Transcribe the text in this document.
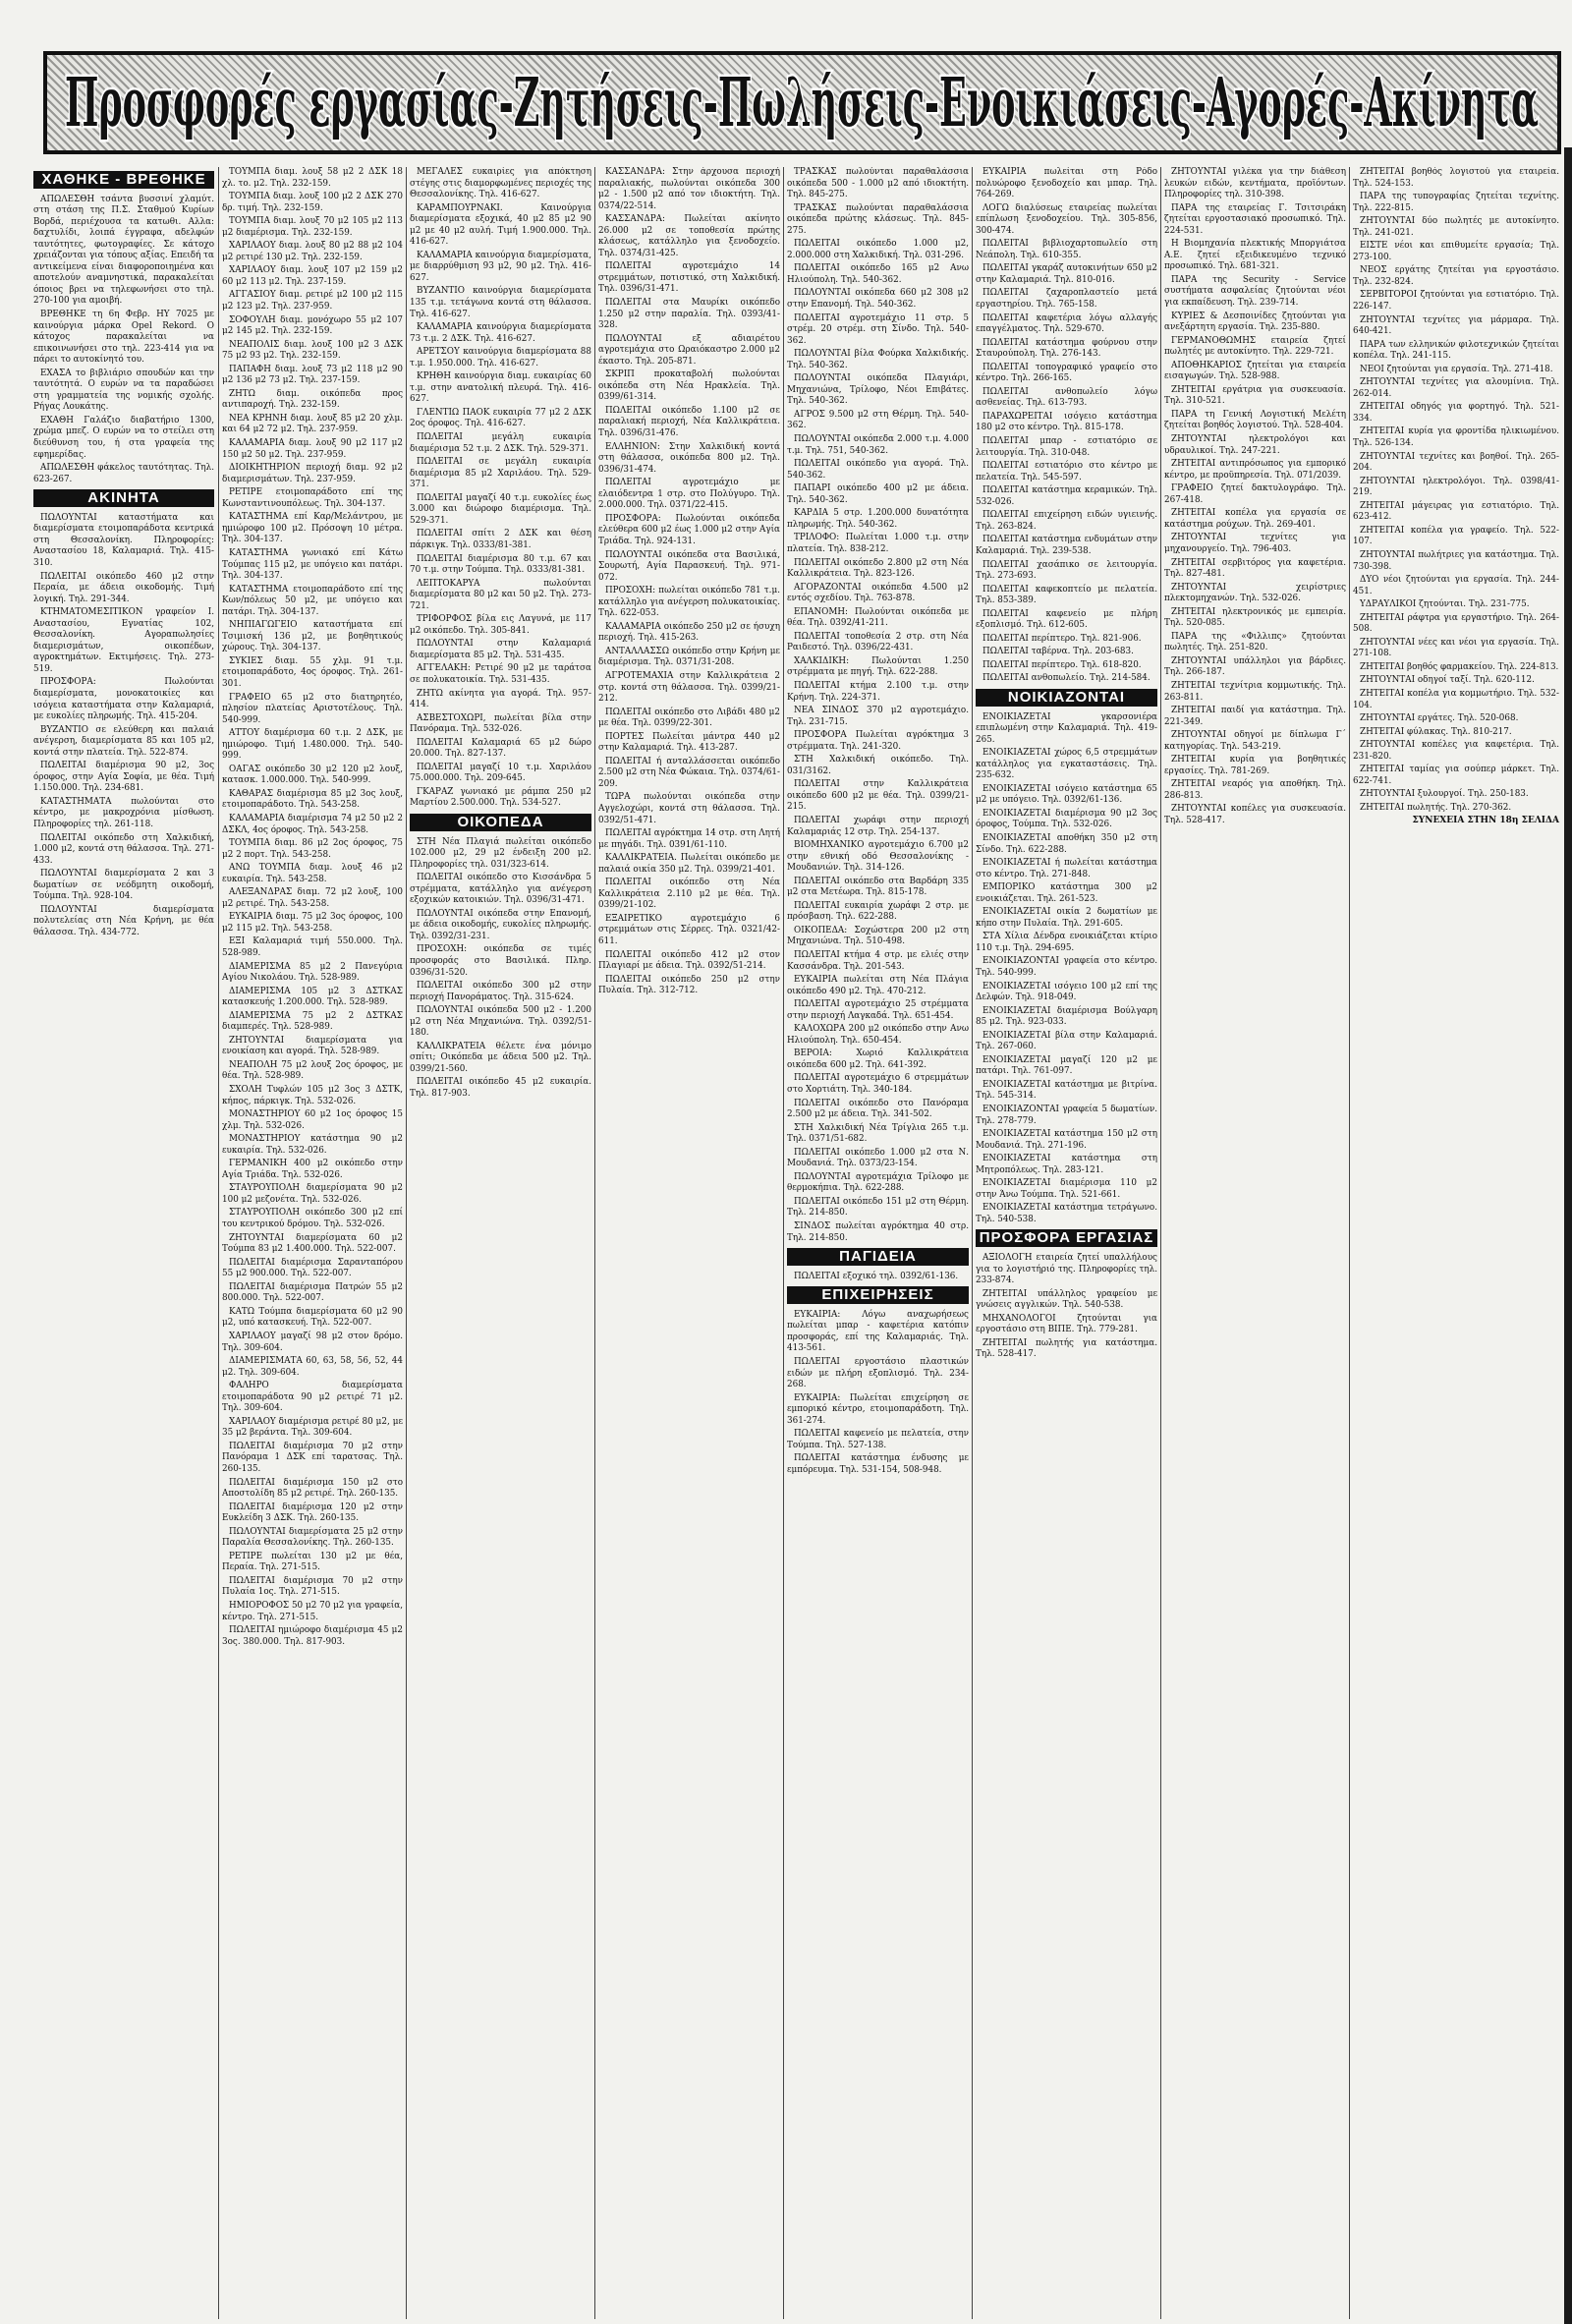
Προσφορές εργασίας-Ζητήσεις-Πωλήσεις-Ενοικιάσεις-Αγορές-Ακίνητα
ΧΑΘΗΚΕ - ΒΡΕΘΗΚΕ

ΑΠΩΛΕΣΘΗ τσάντα βυσσινί χλαμύτ. στη στάση της Π.Σ. Σταθμού Κυρίων Βορδά, περιέχουσα τα κατωθι. Αλλα: δαχτυλίδι, λοιπά έγγραφα, αδελφών ταυτότητες, φωτογραφίες. Σε κάτοχο χρειάζονται για τόπους αξίας. Επειδή τα αντικείμενα είναι διαφοροποιημένα και αποτελούν αναμνηστικά, παρακαλείται όποιος βρει να τηλεφωνήσει στο τηλ. 270-100 για αμοιβή.

ΒΡΕΘΗΚΕ τη 6η Φεβρ. ΗΥ 7025 με καινούργια μάρκα Opel Rekord. Ο κάτοχος παρακαλείται να επικοινωνήσει στο τηλ. 223-414 για να πάρει το αυτοκίνητό του.

ΕΧΑΣΑ το βιβλιάριο σπουδών και την ταυτότητά. Ο ευρών να τα παραδώσει στη γραμματεία της νομικής σχολής. Ρήγας Λουκάτης.

ΕΧΑΘΗ Γαλάζιο διαβατήριο 1300, χρώμα μπεζ. Ο ευρών να το στείλει στη διεύθυνση του, ή στα γραφεία της εφημερίδας.

ΑΠΩΛΕΣΘΗ φάκελος ταυτότητας. Τηλ. 623-267.

ΑΚΙΝΗΤΑ

ΠΩΛΟΥΝΤΑΙ καταστήματα και διαμερίσματα ετοιμοπαράδοτα κεντρικά στη Θεσσαλονίκη. Πληροφορίες: Αναστασίου 18, Καλαμαριά. Τηλ. 415-310.

ΠΩΛΕΙΤΑΙ οικόπεδο 460 μ2 στην Περαία, με άδεια οικοδομής. Τιμή λογική. Τηλ. 291-344.

ΚΤΗΜΑΤΟΜΕΣΙΤΙΚΟΝ γραφείον Ι. Αναστασίου, Εγνατίας 102, Θεσσαλονίκη. Αγοραπωλησίες διαμερισμάτων, οικοπέδων, αγροκτημάτων. Εκτιμήσεις. Τηλ. 273-519.

ΠΡΟΣΦΟΡΑ: Πωλούνται διαμερίσματα, μονοκατοικίες και ισόγεια καταστήματα στην Καλαμαριά, με ευκολίες πληρωμής. Τηλ. 415-204.

ΒΥΖΑΝΤΙΟ σε ελεύθερη και παλαιά ανέγερση, διαμερίσματα 85 και 105 μ2, κοντά στην πλατεία. Τηλ. 522-874.

ΠΩΛΕΙΤΑΙ διαμέρισμα 90 μ2, 3ος όροφος, στην Αγία Σοφία, με θέα. Τιμή 1.150.000. Τηλ. 234-681.

ΚΑΤΑΣΤΗΜΑΤΑ πωλούνται στο κέντρο, με μακροχρόνια μίσθωση. Πληροφορίες τηλ. 261-118.

ΠΩΛΕΙΤΑΙ οικόπεδο στη Χαλκιδική, 1.000 μ2, κοντά στη θάλασσα. Τηλ. 271-433.

ΠΩΛΟΥΝΤΑΙ διαμερίσματα 2 και 3 δωματίων σε νεόδμητη οικοδομή, Τούμπα. Τηλ. 928-104.

ΠΩΛΟΥΝΤΑΙ διαμερίσματα πολυτελείας στη Νέα Κρήνη, με θέα θάλασσα. Τηλ. 434-772.

ΤΟΥΜΠΑ διαμ. λουξ 58 μ2 2 ΔΣΚ 18 χλ. το. μ2. Τηλ. 232-159.

ΤΟΥΜΠΑ διαμ. λουξ 100 μ2 2 ΔΣΚ 270 δρ. τιμή. Τηλ. 232-159.

ΤΟΥΜΠΑ διαμ. λουξ 70 μ2 105 μ2 113 μ2 διαμέρισμα. Τηλ. 232-159.

ΧΑΡΙΛΑΟΥ διαμ. λουξ 80 μ2 88 μ2 104 μ2 ρετιρέ 130 μ2. Τηλ. 232-159.

ΧΑΡΙΛΑΟΥ διαμ. λουξ 107 μ2 159 μ2 60 μ2 113 μ2. Τηλ. 237-159.

ΑΓΓΑΣΙΟΥ διαμ. ρετιρέ μ2 100 μ2 115 μ2 123 μ2. Τηλ. 237-959.

ΣΟΦΟΥΛΗ διαμ. μονόχωρο 55 μ2 107 μ2 145 μ2. Τηλ. 232-159.

ΝΕΑΠΟΛΙΣ διαμ. λουξ 100 μ2 3 ΔΣΚ 75 μ2 93 μ2. Τηλ. 232-159.

ΠΑΠΑΦΗ διαμ. λουξ 73 μ2 118 μ2 90 μ2 136 μ2 73 μ2. Τηλ. 237-159.

ΖΗΤΩ διαμ. οικόπεδα προς αντιπαροχή. Τηλ. 232-159.

ΝΕΑ ΚΡΗΝΗ διαμ. λουξ 85 μ2 20 χλμ. και 64 μ2 72 μ2. Τηλ. 237-959.

ΚΑΛΑΜΑΡΙΑ διαμ. λουξ 90 μ2 117 μ2 150 μ2 50 μ2. Τηλ. 237-959.

ΔΙΟΙΚΗΤΗΡΙΟΝ περιοχή διαμ. 92 μ2 διαμερισμάτων. Τηλ. 237-959.

ΡΕΤΙΡΕ ετοιμοπαράδοτο επί της Κωνσταντινουπόλεως. Τηλ. 304-137.

ΚΑΤΑΣΤΗΜΑ επί Καρ/Μελάντρου, με ημιώροφο 100 μ2. Πρόσοψη 10 μέτρα. Τηλ. 304-137.

ΚΑΤΑΣΤΗΜΑ γωνιακό επί Κάτω Τούμπας 115 μ2, με υπόγειο και πατάρι. Τηλ. 304-137.

ΚΑΤΑΣΤΗΜΑ ετοιμοπαράδοτο επί της Κων/πόλεως 50 μ2, με υπόγειο και πατάρι. Τηλ. 304-137.

ΝΗΠΙΑΓΩΓΕΙΟ καταστήματα επί Τσιμισκή 136 μ2, με βοηθητικούς χώρους. Τηλ. 304-137.

ΣΥΚΙΕΣ διαμ. 55 χλμ. 91 τ.μ. ετοιμοπαράδοτο, 4ος όροφος. Τηλ. 261-301.

ΓΡΑΦΕΙΟ 65 μ2 στο διατηρητέο, πλησίον πλατείας Αριστοτέλους. Τηλ. 540-999.

ΑΤΤΟΥ διαμέρισμα 60 τ.μ. 2 ΔΣΚ, με ημιώροφο. Τιμή 1.480.000. Τηλ. 540-999.

ΟΑΓΑΣ οικόπεδο 30 μ2 120 μ2 λουξ, κατασκ. 1.000.000. Τηλ. 540-999.

ΚΑΘΑΡΑΣ διαμέρισμα 85 μ2 3ος λουξ, ετοιμοπαράδοτο. Τηλ. 543-258.

ΚΑΛΑΜΑΡΙΑ διαμέρισμα 74 μ2 50 μ2 2 ΔΣΚΛ, 4ος όροφος. Τηλ. 543-258.

ΤΟΥΜΠΑ διαμ. 86 μ2 2ος όροφος, 75 μ2 2 πορτ. Τηλ. 543-258.

ΑΝΩ ΤΟΥΜΠΑ διαμ. λουξ 46 μ2 ευκαιρία. Τηλ. 543-258.

ΑΛΕΞΑΝΔΡΑΣ διαμ. 72 μ2 λουξ, 100 μ2 ρετιρέ. Τηλ. 543-258.

ΕΥΚΑΙΡΙΑ διαμ. 75 μ2 3ος όροφος, 100 μ2 115 μ2. Τηλ. 543-258.

ΕΞΙ Καλαμαριά τιμή 550.000. Τηλ. 528-989.

ΔΙΑΜΕΡΙΣΜΑ 85 μ2 2 Πανεγύρια Αγίου Νικολάου. Τηλ. 528-989.

ΔΙΑΜΕΡΙΣΜΑ 105 μ2 3 ΔΣΤΚΑΣ κατασκευής 1.200.000. Τηλ. 528-989.

ΔΙΑΜΕΡΙΣΜΑ 75 μ2 2 ΔΣΤΚΑΣ διαμπερές. Τηλ. 528-989.

ΖΗΤΟΥΝΤΑΙ διαμερίσματα για ενοικίαση και αγορά. Τηλ. 528-989.

ΝΕΑΠΟΛΗ 75 μ2 λουξ 2ος όροφος, με θέα. Τηλ. 528-989.

ΣΧΟΛΗ Τυφλών 105 μ2 3ος 3 ΔΣΤΚ, κήπος, πάρκιγκ. Τηλ. 532-026.

ΜΟΝΑΣΤΗΡΙΟΥ 60 μ2 1ος όροφος 15 χλμ. Τηλ. 532-026.

ΜΟΝΑΣΤΗΡΙΟΥ κατάστημα 90 μ2 ευκαιρία. Τηλ. 532-026.

ΓΕΡΜΑΝΙΚΗ 400 μ2 οικόπεδο στην Αγία Τριάδα. Τηλ. 532-026.

ΣΤΑΥΡΟΥΠΟΛΗ διαμερίσματα 90 μ2 100 μ2 μεζονέτα. Τηλ. 532-026.

ΣΤΑΥΡΟΥΠΟΛΗ οικόπεδο 300 μ2 επί του κεντρικού δρόμου. Τηλ. 532-026.

ΖΗΤΟΥΝΤΑΙ διαμερίσματα 60 μ2 Τούμπα 83 μ2 1.400.000. Τηλ. 522-007.

ΠΩΛΕΙΤΑΙ διαμέρισμα Σαρανταπόρου 55 μ2 900.000. Τηλ. 522-007.

ΠΩΛΕΙΤΑΙ διαμέρισμα Πατρών 55 μ2 800.000. Τηλ. 522-007.

ΚΑΤΩ Τούμπα διαμερίσματα 60 μ2 90 μ2, υπό κατασκευή. Τηλ. 522-007.

ΧΑΡΙΛΑΟΥ μαγαζί 98 μ2 στον δρόμο. Τηλ. 309-604.

ΔΙΑΜΕΡΙΣΜΑΤΑ 60, 63, 58, 56, 52, 44 μ2. Τηλ. 309-604.

ΦΑΛΗΡΟ διαμερίσματα ετοιμοπαράδοτα 90 μ2 ρετιρέ 71 μ2. Τηλ. 309-604.

ΧΑΡΙΛΑΟΥ διαμέρισμα ρετιρέ 80 μ2, με 35 μ2 βεράντα. Τηλ. 309-604.

ΠΩΛΕΙΤΑΙ διαμέρισμα 70 μ2 στην Πανόραμα 1 ΔΣΚ επί ταρατσας. Τηλ. 260-135.

ΠΩΛΕΙΤΑΙ διαμέρισμα 150 μ2 στο Αποστολίδη 85 μ2 ρετιρέ. Τηλ. 260-135.

ΠΩΛΕΙΤΑΙ διαμέρισμα 120 μ2 στην Ευκλείδη 3 ΔΣΚ. Τηλ. 260-135.

ΠΩΛΟΥΝΤΑΙ διαμερίσματα 25 μ2 στην Παραλία Θεσσαλονίκης. Τηλ. 260-135.

ΡΕΤΙΡΕ πωλείται 130 μ2 με θέα, Περαία. Τηλ. 271-515.

ΠΩΛΕΙΤΑΙ διαμέρισμα 70 μ2 στην Πυλαία 1ος. Τηλ. 271-515.

ΗΜΙΟΡΟΦΟΣ 50 μ2 70 μ2 για γραφεία, κέντρο. Τηλ. 271-515.

ΠΩΛΕΙΤΑΙ ημιώροφο διαμέρισμα 45 μ2 3ος. 380.000. Τηλ. 817-903.

ΜΕΓΑΛΕΣ ευκαιρίες για απόκτηση στέγης στις διαμορφωμένες περιοχές της Θεσσαλονίκης. Τηλ. 416-627.

ΚΑΡΑΜΠΟΥΡΝΑΚΙ. Καινούργια διαμερίσματα εξοχικά, 40 μ2 85 μ2 90 μ2 με 40 μ2 αυλή. Τιμή 1.900.000. Τηλ. 416-627.

ΚΑΛΑΜΑΡΙΑ καινούργια διαμερίσματα, με διαρρύθμιση 93 μ2, 90 μ2. Τηλ. 416-627.

ΒΥΖΑΝΤΙΟ καινούργια διαμερίσματα 135 τ.μ. τετάγωνα κοντά στη θάλασσα. Τηλ. 416-627.

ΚΑΛΑΜΑΡΙΑ καινούργια διαμερίσματα 73 τ.μ. 2 ΔΣΚ. Τηλ. 416-627.

ΑΡΕΤΣΟΥ καινούργια διαμερίσματα 88 τ.μ. 1.950.000. Τηλ. 416-627.

ΚΡΗΘΗ καινούργια διαμ. ευκαιρίας 60 τ.μ. στην ανατολική πλευρά. Τηλ. 416-627.

ΓΛΕΝΤΙΩ ΠΑΟΚ ευκαιρία 77 μ2 2 ΔΣΚ 2ος όροφος. Τηλ. 416-627.

ΠΩΛΕΙΤΑΙ μεγάλη ευκαιρία διαμέρισμα 52 τ.μ. 2 ΔΣΚ. Τηλ. 529-371.

ΠΩΛΕΙΤΑΙ σε μεγάλη ευκαιρία διαμέρισμα 85 μ2 Χαριλάου. Τηλ. 529-371.

ΠΩΛΕΙΤΑΙ μαγαζί 40 τ.μ. ευκολίες έως 3.000 και διώροφο διαμέρισμα. Τηλ. 529-371.

ΠΩΛΕΙΤΑΙ σπίτι 2 ΔΣΚ και θέση πάρκιγκ. Τηλ. 0333/81-381.

ΠΩΛΕΙΤΑΙ διαμέρισμα 80 τ.μ. 67 και 70 τ.μ. στην Τούμπα. Τηλ. 0333/81-381.

ΛΕΠΤΟΚΑΡΥΑ πωλούνται διαμερίσματα 80 μ2 και 50 μ2. Τηλ. 273-721.

ΤΡΙΦΟΡΦΟΣ βίλα εις Λαγυνά, με 117 μ2 οικόπεδο. Τηλ. 305-841.

ΠΩΛΟΥΝΤΑΙ στην Καλαμαριά διαμερίσματα 85 μ2. Τηλ. 531-435.

ΑΓΓΕΛΑΚΗ: Ρετιρέ 90 μ2 με ταράτσα σε πολυκατοικία. Τηλ. 531-435.

ΖΗΤΩ ακίνητα για αγορά. Τηλ. 957-414.

ΑΣΒΕΣΤΟΧΩΡΙ, πωλείται βίλα στην Πανόραμα. Τηλ. 532-026.

ΠΩΛΕΙΤΑΙ Καλαμαριά 65 μ2 δώρο 20.000. Τηλ. 827-137.

ΠΩΛΕΙΤΑΙ μαγαζί 10 τ.μ. Χαριλάου 75.000.000. Τηλ. 209-645.

ΓΚΑΡΑΖ γωνιακό με ράμπα 250 μ2 Μαρτίου 2.500.000. Τηλ. 534-527.

ΟΙΚΟΠΕΔΑ

ΣΤΗ Νέα Πλαγιά πωλείται οικόπεδο 102.000 μ2, 29 μ2 ένδειξη 200 μ2. Πληροφορίες τηλ. 031/323-614.

ΠΩΛΕΙΤΑΙ οικόπεδο στο Κισσάνδρα 5 στρέμματα, κατάλληλο για ανέγερση εξοχικών κατοικιών. Τηλ. 0396/31-471.

ΠΩΛΟΥΝΤΑΙ οικόπεδα στην Επανομή, με άδεια οικοδομής, ευκολίες πληρωμής. Τηλ. 0392/31-231.

ΠΡΟΣΟΧΗ: οικόπεδα σε τιμές προσφοράς στο Βασιλικά. Πληρ. 0396/31-520.

ΠΩΛΕΙΤΑΙ οικόπεδο 300 μ2 στην περιοχή Πανοράματος. Τηλ. 315-624.

ΠΩΛΟΥΝΤΑΙ οικόπεδα 500 μ2 - 1.200 μ2 στη Νέα Μηχανιώνα. Τηλ. 0392/51-180.

ΚΑΛΛΙΚΡΑΤΕΙΑ θέλετε ένα μόνιμο σπίτι; Οικόπεδα με άδεια 500 μ2. Τηλ. 0399/21-560.

ΠΩΛΕΙΤΑΙ οικόπεδο 45 μ2 ευκαιρία. Τηλ. 817-903.

ΚΑΣΣΑΝΔΡΑ: Στην άρχουσα περιοχή παραλιακής, πωλούνται οικόπεδα 300 μ2 - 1.500 μ2 από τον ιδιοκτήτη. Τηλ. 0374/22-514.

ΚΑΣΣΑΝΔΡΑ: Πωλείται ακίνητο 26.000 μ2 σε τοποθεσία πρώτης κλάσεως, κατάλληλο για ξενοδοχείο. Τηλ. 0374/31-425.

ΠΩΛΕΙΤΑΙ αγροτεμάχιο 14 στρεμμάτων, ποτιστικό, στη Χαλκιδική. Τηλ. 0396/31-471.

ΠΩΛΕΙΤΑΙ στα Μαυρίκι οικόπεδο 1.250 μ2 στην παραλία. Τηλ. 0393/41-328.

ΠΩΛΟΥΝΤΑΙ εξ αδιαιρέτου αγροτεμάχια στο Ωραιόκαστρο 2.000 μ2 έκαστο. Τηλ. 205-871.

ΣΚΡΙΠ προκαταβολή πωλούνται οικόπεδα στη Νέα Ηρακλεία. Τηλ. 0399/61-314.

ΠΩΛΕΙΤΑΙ οικόπεδο 1.100 μ2 σε παραλιακή περιοχή, Νέα Καλλικράτεια. Τηλ. 0396/31-476.

ΕΛΛΗΝΙΟΝ: Στην Χαλκιδική κοντά στη θάλασσα, οικόπεδα 800 μ2. Τηλ. 0396/31-474.

ΠΩΛΕΙΤΑΙ αγροτεμάχιο με ελαιόδεντρα 1 στρ. στο Πολύγυρο. Τηλ. 2.000.000. Τηλ. 0371/22-415.

ΠΡΟΣΦΟΡΑ: Πωλούνται οικόπεδα ελεύθερα 600 μ2 έως 1.000 μ2 στην Αγία Τριάδα. Τηλ. 924-131.

ΠΩΛΟΥΝΤΑΙ οικόπεδα στα Βασιλικά, Σουρωτή, Αγία Παρασκευή. Τηλ. 971-072.

ΠΡΟΣΟΧΗ: πωλείται οικόπεδο 781 τ.μ. κατάλληλο για ανέγερση πολυκατοικίας. Τηλ. 622-053.

ΚΑΛΑΜΑΡΙΑ οικόπεδο 250 μ2 σε ήσυχη περιοχή. Τηλ. 415-263.

ΑΝΤΑΛΛΑΣΣΩ οικόπεδο στην Κρήνη με διαμέρισμα. Τηλ. 0371/31-208.

ΑΓΡΟΤΕΜΑΧΙΑ στην Καλλικράτεια 2 στρ. κοντά στη θάλασσα. Τηλ. 0399/21-212.

ΠΩΛΕΙΤΑΙ οικόπεδο στο Λιβάδι 480 μ2 με θέα. Τηλ. 0399/22-301.

ΠΟΡΤΕΣ Πωλείται μάντρα 440 μ2 στην Καλαμαριά. Τηλ. 413-287.

ΠΩΛΕΙΤΑΙ ή ανταλλάσσεται οικόπεδο 2.500 μ2 στη Νέα Φώκαια. Τηλ. 0374/61-209.

ΤΩΡΑ πωλούνται οικόπεδα στην Αγγελοχώρι, κοντά στη θάλασσα. Τηλ. 0392/51-471.

ΠΩΛΕΙΤΑΙ αγρόκτημα 14 στρ. στη Λητή με πηγάδι. Τηλ. 0391/61-110.

ΚΑΛΛΙΚΡΑΤΕΙΑ. Πωλείται οικόπεδο με παλαιά οικία 350 μ2. Τηλ. 0399/21-401.

ΠΩΛΕΙΤΑΙ οικόπεδο στη Νέα Καλλικράτεια 2.110 μ2 με θέα. Τηλ. 0399/21-102.

ΕΞΑΙΡΕΤΙΚΟ αγροτεμάχιο 6 στρεμμάτων στις Σέρρες. Τηλ. 0321/42-611.

ΠΩΛΕΙΤΑΙ οικόπεδο 412 μ2 στον Πλαγιαρί με άδεια. Τηλ. 0392/51-214.

ΠΩΛΕΙΤΑΙ οικόπεδο 250 μ2 στην Πυλαία. Τηλ. 312-712.

ΤΡΑΣΚΑΣ πωλούνται παραθαλάσσια οικόπεδα 500 - 1.000 μ2 από ιδιοκτήτη. Τηλ. 845-275.

ΤΡΑΣΚΑΣ πωλούνται παραθαλάσσια οικόπεδα πρώτης κλάσεως. Τηλ. 845-275.

ΠΩΛΕΙΤΑΙ οικόπεδο 1.000 μ2, 2.000.000 στη Χαλκιδική. Τηλ. 031-296.

ΠΩΛΕΙΤΑΙ οικόπεδο 165 μ2 Ανω Ηλιούπολη. Τηλ. 540-362.

ΠΩΛΟΥΝΤΑΙ οικόπεδα 660 μ2 308 μ2 στην Επανομή. Τηλ. 540-362.

ΠΩΛΕΙΤΑΙ αγροτεμάχιο 11 στρ. 5 στρέμ. 20 στρέμ. στη Σίνδο. Τηλ. 540-362.

ΠΩΛΟΥΝΤΑΙ βίλα Φούρκα Χαλκιδικής. Τηλ. 540-362.

ΠΩΛΟΥΝΤΑΙ οικόπεδα Πλαγιάρι, Μηχανιώνα, Τρίλοφο, Νέοι Επιβάτες. Τηλ. 540-362.

ΑΓΡΟΣ 9.500 μ2 στη Θέρμη. Τηλ. 540-362.

ΠΩΛΟΥΝΤΑΙ οικόπεδα 2.000 τ.μ. 4.000 τ.μ. Τηλ. 751, 540-362.

ΠΩΛΕΙΤΑΙ οικόπεδο για αγορά. Τηλ. 540-362.

ΠΑΠΑΡΙ οικόπεδο 400 μ2 με άδεια. Τηλ. 540-362.

ΚΑΡΔΙΑ 5 στρ. 1.200.000 δυνατότητα πληρωμής. Τηλ. 540-362.

ΤΡΙΛΟΦΟ: Πωλείται 1.000 τ.μ. στην πλατεία. Τηλ. 838-212.

ΠΩΛΕΙΤΑΙ οικόπεδο 2.800 μ2 στη Νέα Καλλικράτεια. Τηλ. 823-126.

ΑΓΟΡΑΖΟΝΤΑΙ οικόπεδα 4.500 μ2 εντός σχεδίου. Τηλ. 763-878.

ΕΠΑΝΟΜΗ: Πωλούνται οικόπεδα με θέα. Τηλ. 0392/41-211.

ΠΩΛΕΙΤΑΙ τοποθεσία 2 στρ. στη Νέα Ραιδεστό. Τηλ. 0396/22-431.

ΧΑΛΚΙΔΙΚΗ: Πωλούνται 1.250 στρέμματα με πηγή. Τηλ. 622-288.

ΠΩΛΕΙΤΑΙ κτήμα 2.100 τ.μ. στην Κρήνη. Τηλ. 224-371.

ΝΕΑ ΣΙΝΔΟΣ 370 μ2 αγροτεμάχιο. Τηλ. 231-715.

ΠΡΟΣΦΟΡΑ Πωλείται αγρόκτημα 3 στρέμματα. Τηλ. 241-320.

ΣΤΗ Χαλκιδική οικόπεδο. Τηλ. 031/3162.

ΠΩΛΕΙΤΑΙ στην Καλλικράτεια οικόπεδο 600 μ2 με θέα. Τηλ. 0399/21-215.

ΠΩΛΕΙΤΑΙ χωράφι στην περιοχή Καλαμαριάς 12 στρ. Τηλ. 254-137.

ΒΙΟΜΗΧΑΝΙΚΟ αγροτεμάχιο 6.700 μ2 στην εθνική οδό Θεσσαλονίκης - Μουδανιών. Τηλ. 314-126.

ΠΩΛΕΙΤΑΙ οικόπεδο στα Βαρδάρη 335 μ2 στα Μετέωρα. Τηλ. 815-178.

ΠΩΛΕΙΤΑΙ ευκαιρία χωράφι 2 στρ. με πρόσβαση. Τηλ. 622-288.

ΟΙΚΟΠΕΔΑ: Σοχώστερα 200 μ2 στη Μηχανιώνα. Τηλ. 510-498.

ΠΩΛΕΙΤΑΙ κτήμα 4 στρ. με ελιές στην Κασσάνδρα. Τηλ. 201-543.

ΕΥΚΑΙΡΙΑ πωλείται στη Νέα Πλάγια οικόπεδο 490 μ2. Τηλ. 470-212.

ΠΩΛΕΙΤΑΙ αγροτεμάχιο 25 στρέμματα στην περιοχή Λαγκαδά. Τηλ. 651-454.

ΚΑΛΟΧΩΡΑ 200 μ2 οικόπεδο στην Ανω Ηλιούπολη. Τηλ. 650-454.

ΒΕΡΟΙΑ: Χωριό Καλλικράτεια οικόπεδα 600 μ2. Τηλ. 641-392.

ΠΩΛΕΙΤΑΙ αγροτεμάχιο 6 στρεμμάτων στο Χορτιάτη. Τηλ. 340-184.

ΠΩΛΕΙΤΑΙ οικόπεδο στο Πανόραμα 2.500 μ2 με άδεια. Τηλ. 341-502.

ΣΤΗ Χαλκιδική Νέα Τρίγλια 265 τ.μ. Τηλ. 0371/51-682.

ΠΩΛΕΙΤΑΙ οικόπεδο 1.000 μ2 στα Ν. Μουδανιά. Τηλ. 0373/23-154.

ΠΩΛΟΥΝΤΑΙ αγροτεμάχια Τρίλοφο με θερμοκήπια. Τηλ. 622-288.

ΠΩΛΕΙΤΑΙ οικόπεδο 151 μ2 στη Θέρμη. Τηλ. 214-850.

ΣΙΝΔΟΣ πωλείται αγρόκτημα 40 στρ. Τηλ. 214-850.

ΠΑΓΙΔΕΙΑ

ΠΩΛΕΙΤΑΙ εξοχικό τηλ. 0392/61-136.

ΕΠΙΧΕΙΡΗΣΕΙΣ

ΕΥΚΑΙΡΙΑ: Λόγω αναχωρήσεως πωλείται μπαρ - καφετέρια κατόπιν προσφοράς, επί της Καλαμαριάς. Τηλ. 413-561.

ΠΩΛΕΙΤΑΙ εργοστάσιο πλαστικών ειδών με πλήρη εξοπλισμό. Τηλ. 234-268.

ΕΥΚΑΙΡΙΑ: Πωλείται επιχείρηση σε εμπορικό κέντρο, ετοιμοπαράδοτη. Τηλ. 361-274.

ΠΩΛΕΙΤΑΙ καφενείο με πελατεία, στην Τούμπα. Τηλ. 527-138.

ΠΩΛΕΙΤΑΙ κατάστημα ένδυσης με εμπόρευμα. Τηλ. 531-154, 508-948.

ΕΥΚΑΙΡΙΑ πωλείται στη Ρόδο πολυώροφο ξενοδοχείο και μπαρ. Τηλ. 764-269.

ΛΟΓΩ διαλύσεως εταιρείας πωλείται επίπλωση ξενοδοχείου. Τηλ. 305-856, 300-474.

ΠΩΛΕΙΤΑΙ βιβλιοχαρτοπωλείο στη Νεάπολη. Τηλ. 610-355.

ΠΩΛΕΙΤΑΙ γκαράζ αυτοκινήτων 650 μ2 στην Καλαμαριά. Τηλ. 810-016.

ΠΩΛΕΙΤΑΙ ζαχαροπλαστείο μετά εργαστηρίου. Τηλ. 765-158.

ΠΩΛΕΙΤΑΙ καφετέρια λόγω αλλαγής επαγγέλματος. Τηλ. 529-670.

ΠΩΛΕΙΤΑΙ κατάστημα φούρνου στην Σταυρούπολη. Τηλ. 276-143.

ΠΩΛΕΙΤΑΙ τοπογραφικό γραφείο στο κέντρο. Τηλ. 266-165.

ΠΩΛΕΙΤΑΙ ανθοπωλείο λόγω ασθενείας. Τηλ. 613-793.

ΠΑΡΑΧΩΡΕΙΤΑΙ ισόγειο κατάστημα 180 μ2 στο κέντρο. Τηλ. 815-178.

ΠΩΛΕΙΤΑΙ μπαρ - εστιατόριο σε λειτουργία. Τηλ. 310-048.

ΠΩΛΕΙΤΑΙ εστιατόριο στο κέντρο με πελατεία. Τηλ. 545-597.

ΠΩΛΕΙΤΑΙ κατάστημα κεραμικών. Τηλ. 532-026.

ΠΩΛΕΙΤΑΙ επιχείρηση ειδών υγιεινής. Τηλ. 263-824.

ΠΩΛΕΙΤΑΙ κατάστημα ενδυμάτων στην Καλαμαριά. Τηλ. 239-538.

ΠΩΛΕΙΤΑΙ χασάπικο σε λειτουργία. Τηλ. 273-693.

ΠΩΛΕΙΤΑΙ καφεκοπτείο με πελατεία. Τηλ. 853-389.

ΠΩΛΕΙΤΑΙ καφενείο με πλήρη εξοπλισμό. Τηλ. 612-605.

ΠΩΛΕΙΤΑΙ περίπτερο. Τηλ. 821-906.

ΠΩΛΕΙΤΑΙ ταβέρνα. Τηλ. 203-683.

ΠΩΛΕΙΤΑΙ περίπτερο. Τηλ. 618-820.

ΠΩΛΕΙΤΑΙ ανθοπωλείο. Τηλ. 214-584.

ΝΟΙΚΙΑΖΟΝΤΑΙ

ΕΝΟΙΚΙΑΖΕΤΑΙ γκαρσονιέρα επιπλωμένη στην Καλαμαριά. Τηλ. 419-265.

ΕΝΟΙΚΙΑΖΕΤΑΙ χώρος 6,5 στρεμμάτων κατάλληλος για εγκαταστάσεις. Τηλ. 235-632.

ΕΝΟΙΚΙΑΖΕΤΑΙ ισόγειο κατάστημα 65 μ2 με υπόγειο. Τηλ. 0392/61-136.

ΕΝΟΙΚΙΑΖΕΤΑΙ διαμέρισμα 90 μ2 3ος όροφος, Τούμπα. Τηλ. 532-026.

ΕΝΟΙΚΙΑΖΕΤΑΙ αποθήκη 350 μ2 στη Σίνδο. Τηλ. 622-288.

ΕΝΟΙΚΙΑΖΕΤΑΙ ή πωλείται κατάστημα στο κέντρο. Τηλ. 271-848.

ΕΜΠΟΡΙΚΟ κατάστημα 300 μ2 ενοικιάζεται. Τηλ. 261-523.

ΕΝΟΙΚΙΑΖΕΤΑΙ οικία 2 δωματίων με κήπο στην Πυλαία. Τηλ. 291-605.

ΣΤΑ Χίλια Δένδρα ενοικιάζεται κτίριο 110 τ.μ. Τηλ. 294-695.

ΕΝΟΙΚΙΑΖΟΝΤΑΙ γραφεία στο κέντρο. Τηλ. 540-999.

ΕΝΟΙΚΙΑΖΕΤΑΙ ισόγειο 100 μ2 επί της Δελφών. Τηλ. 918-049.

ΕΝΟΙΚΙΑΖΕΤΑΙ διαμέρισμα Βούλγαρη 85 μ2. Τηλ. 923-033.

ΕΝΟΙΚΙΑΖΕΤΑΙ βίλα στην Καλαμαριά. Τηλ. 267-060.

ΕΝΟΙΚΙΑΖΕΤΑΙ μαγαζί 120 μ2 με πατάρι. Τηλ. 761-097.

ΕΝΟΙΚΙΑΖΕΤΑΙ κατάστημα με βιτρίνα. Τηλ. 545-314.

ΕΝΟΙΚΙΑΖΟΝΤΑΙ γραφεία 5 δωματίων. Τηλ. 278-779.

ΕΝΟΙΚΙΑΖΕΤΑΙ κατάστημα 150 μ2 στη Μουδανιά. Τηλ. 271-196.

ΕΝΟΙΚΙΑΖΕΤΑΙ κατάστημα στη Μητροπόλεως. Τηλ. 283-121.

ΕΝΟΙΚΙΑΖΕΤΑΙ διαμέρισμα 110 μ2 στην Άνω Τούμπα. Τηλ. 521-661.

ΕΝΟΙΚΙΑΖΕΤΑΙ κατάστημα τετράγωνο. Τηλ. 540-538.

ΠΡΟΣΦΟΡΑ ΕΡΓΑΣΙΑΣ

ΑΞΙΟΛΟΓΗ εταιρεία ζητεί υπαλλήλους για το λογιστήριό της. Πληροφορίες τηλ. 233-874.

ΖΗΤΕΙΤΑΙ υπάλληλος γραφείου με γνώσεις αγγλικών. Τηλ. 540-538.

ΜΗΧΑΝΟΛΟΓΟΙ ζητούνται για εργοστάσιο στη ΒΙΠΕ. Τηλ. 779-281.

ΖΗΤΕΙΤΑΙ πωλητής για κατάστημα. Τηλ. 528-417.

ΖΗΤΟΥΝΤΑΙ γιλέκα για την διάθεση λευκών ειδών, κεντήματα, προϊόντων. Πληροφορίες τηλ. 310-398.

ΠΑΡΑ της εταιρείας Γ. Τσιτσιράκη ζητείται εργοστασιακό προσωπικό. Τηλ. 224-531.

Η Βιομηχανία πλεκτικής Μποργιάτσα Α.Ε. ζητεί εξειδικευμένο τεχνικό προσωπικό. Τηλ. 681-321.

ΠΑΡΑ της Security - Service συστήματα ασφαλείας ζητούνται νέοι για εκπαίδευση. Τηλ. 239-714.

ΚΥΡΙΕΣ & Δεσποινίδες ζητούνται για ανεξάρτητη εργασία. Τηλ. 235-880.

ΓΕΡΜΑΝΟΘΩΜΗΣ εταιρεία ζητεί πωλητές με αυτοκίνητο. Τηλ. 229-721.

ΑΠΟΘΗΚΑΡΙΟΣ ζητείται για εταιρεία εισαγωγών. Τηλ. 528-988.

ΖΗΤΕΙΤΑΙ εργάτρια για συσκευασία. Τηλ. 310-521.

ΠΑΡΑ τη Γενική Λογιστική Μελέτη ζητείται βοηθός λογιστού. Τηλ. 528-404.

ΖΗΤΟΥΝΤΑΙ ηλεκτρολόγοι και υδραυλικοί. Τηλ. 247-221.

ΖΗΤΕΙΤΑΙ αντιπρόσωπος για εμπορικό κέντρο, με προϋπηρεσία. Τηλ. 071/2039.

ΓΡΑΦΕΙΟ ζητεί δακτυλογράφο. Τηλ. 267-418.

ΖΗΤΕΙΤΑΙ κοπέλα για εργασία σε κατάστημα ρούχων. Τηλ. 269-401.

ΖΗΤΟΥΝΤΑΙ τεχνίτες για μηχανουργείο. Τηλ. 796-403.

ΖΗΤΕΙΤΑΙ σερβιτόρος για καφετέρια. Τηλ. 827-481.

ΖΗΤΟΥΝΤΑΙ χειρίστριες πλεκτομηχανών. Τηλ. 532-026.

ΖΗΤΕΙΤΑΙ ηλεκτρονικός με εμπειρία. Τηλ. 520-085.

ΠΑΡΑ της «Φιλλιπς» ζητούνται πωλητές. Τηλ. 251-820.

ΖΗΤΟΥΝΤΑΙ υπάλληλοι για βάρδιες. Τηλ. 266-187.

ΖΗΤΕΙΤΑΙ τεχνίτρια κομμωτικής. Τηλ. 263-811.

ΖΗΤΕΙΤΑΙ παιδί για κατάστημα. Τηλ. 221-349.

ΖΗΤΟΥΝΤΑΙ οδηγοί με δίπλωμα Γ΄ κατηγορίας. Τηλ. 543-219.

ΖΗΤΕΙΤΑΙ κυρία για βοηθητικές εργασίες. Τηλ. 781-269.

ΖΗΤΕΙΤΑΙ νεαρός για αποθήκη. Τηλ. 286-813.

ΖΗΤΟΥΝΤΑΙ κοπέλες για συσκευασία. Τηλ. 528-417.

ΖΗΤΕΙΤΑΙ βοηθός λογιστού για εταιρεία. Τηλ. 524-153.

ΠΑΡΑ της τυπογραφίας ζητείται τεχνίτης. Τηλ. 222-815.

ΖΗΤΟΥΝΤΑΙ δύο πωλητές με αυτοκίνητο. Τηλ. 241-021.

ΕΙΣΤΕ νέοι και επιθυμείτε εργασία; Τηλ. 273-100.

ΝΕΟΣ εργάτης ζητείται για εργοστάσιο. Τηλ. 232-824.

ΣΕΡΒΙΤΟΡΟΙ ζητούνται για εστιατόριο. Τηλ. 226-147.

ΖΗΤΟΥΝΤΑΙ τεχνίτες για μάρμαρα. Τηλ. 640-421.

ΠΑΡΑ των ελληνικών φιλοτεχνικών ζητείται κοπέλα. Τηλ. 241-115.

ΝΕΟΙ ζητούνται για εργασία. Τηλ. 271-418.

ΖΗΤΟΥΝΤΑΙ τεχνίτες για αλουμίνια. Τηλ. 262-014.

ΖΗΤΕΙΤΑΙ οδηγός για φορτηγό. Τηλ. 521-334.

ΖΗΤΕΙΤΑΙ κυρία για φροντίδα ηλικιωμένου. Τηλ. 526-134.

ΖΗΤΟΥΝΤΑΙ τεχνίτες και βοηθοί. Τηλ. 265-204.

ΖΗΤΟΥΝΤΑΙ ηλεκτρολόγοι. Τηλ. 0398/41-219.

ΖΗΤΕΙΤΑΙ μάγειρας για εστιατόριο. Τηλ. 623-412.

ΖΗΤΕΙΤΑΙ κοπέλα για γραφείο. Τηλ. 522-107.

ΖΗΤΟΥΝΤΑΙ πωλήτριες για κατάστημα. Τηλ. 730-398.

ΔΥΟ νέοι ζητούνται για εργασία. Τηλ. 244-451.

ΥΔΡΑΥΛΙΚΟΙ ζητούνται. Τηλ. 231-775.

ΖΗΤΕΙΤΑΙ ράφτρα για εργαστήριο. Τηλ. 264-508.

ΖΗΤΟΥΝΤΑΙ νέες και νέοι για εργασία. Τηλ. 271-108.

ΖΗΤΕΙΤΑΙ βοηθός φαρμακείου. Τηλ. 224-813.

ΖΗΤΟΥΝΤΑΙ οδηγοί ταξί. Τηλ. 620-112.

ΖΗΤΕΙΤΑΙ κοπέλα για κομμωτήριο. Τηλ. 532-104.

ΖΗΤΟΥΝΤΑΙ εργάτες. Τηλ. 520-068.

ΖΗΤΕΙΤΑΙ φύλακας. Τηλ. 810-217.

ΖΗΤΟΥΝΤΑΙ κοπέλες για καφετέρια. Τηλ. 231-820.

ΖΗΤΕΙΤΑΙ ταμίας για σούπερ μάρκετ. Τηλ. 622-741.

ΖΗΤΟΥΝΤΑΙ ξυλουργοί. Τηλ. 250-183.

ΖΗΤΕΙΤΑΙ πωλητής. Τηλ. 270-362.

ΣΥΝΕΧΕΙΑ ΣΤΗΝ 18η ΣΕΛΙΔΑ
